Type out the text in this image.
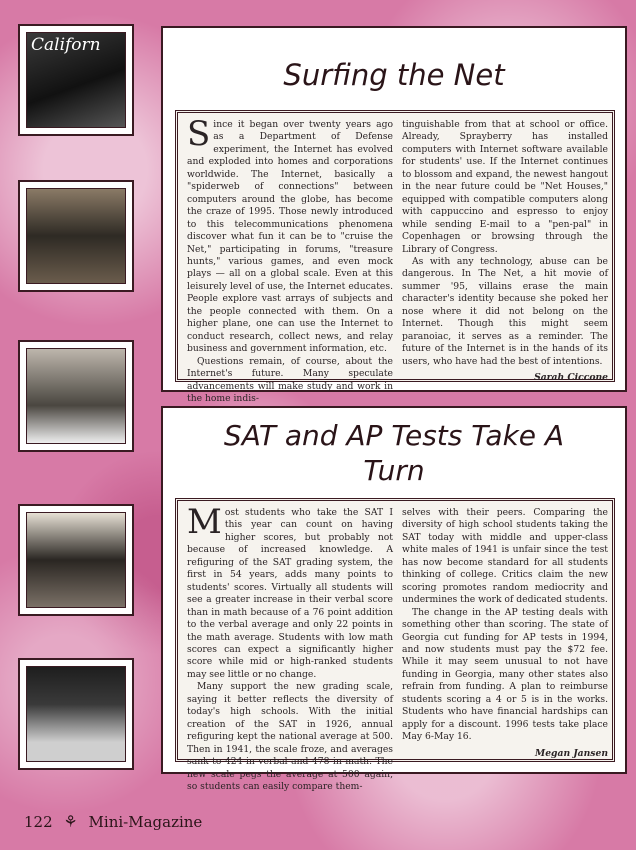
Californ
Surfing the Net

Since it began over twenty years ago as a Department of Defense experiment, the Internet has evolved and exploded into homes and corporations worldwide. The Internet, basically a "spiderweb of connections" between computers around the globe, has become the craze of 1995. Those newly introduced to this telecommunications phenomena discover what fun it can be to "cruise the Net," participating in forums, "treasure hunts," various games, and even mock plays — all on a global scale. Even at this leisurely level of use, the Internet educates. People explore vast arrays of subjects and the people connected with them. On a higher plane, one can use the Internet to conduct research, collect news, and relay business and government information, etc.

Questions remain, of course, about the Internet's future. Many speculate advancements will make study and work in the home indis-

tinguishable from that at school or office. Already, Sprayberry has installed computers with Internet software available for students' use. If the Internet continues to blossom and expand, the newest hangout in the near future could be "Net Houses," equipped with compatible computers along with cappuccino and espresso to enjoy while sending E-mail to a "pen-pal" in Copenhagen or browsing through the Library of Congress.

As with any technology, abuse can be dangerous. In The Net, a hit movie of summer '95, villains erase the main character's identity because she poked her nose where it did not belong on the Internet. Though this might seem paranoiac, it serves as a reminder. The future of the Internet is in the hands of its users, who have had the best of intentions.

Sarah Ciccone
SAT and AP Tests Take A Turn

Most students who take the SAT I this year can count on having higher scores, but probably not because of increased knowledge. A refiguring of the SAT grading system, the first in 54 years, adds many points to students' scores. Virtually all students will see a greater increase in their verbal score than in math because of a 76 point addition to the verbal average and only 22 points in the math average. Students with low math scores can expect a significantly higher score while mid or high-ranked students may see little or no change.

Many support the new grading scale, saying it better reflects the diversity of today's high schools. With the initial creation of the SAT in 1926, annual refiguring kept the national average at 500. Then in 1941, the scale froze, and averages sank to 424 in verbal and 478 in math. The new scale pegs the average at 500 again, so students can easily compare them-

selves with their peers. Comparing the diversity of high school students taking the SAT today with middle and upper-class white males of 1941 is unfair since the test has now become standard for all students thinking of college. Critics claim the new scoring promotes random mediocrity and undermines the work of dedicated students.

The change in the AP testing deals with something other than scoring. The state of Georgia cut funding for AP tests in 1994, and now students must pay the $72 fee. While it may seem unusual to not have funding in Georgia, many other states also refrain from funding. A plan to reimburse students scoring a 4 or 5 is in the works. Students who have financial hardships can apply for a discount. 1996 tests take place May 6-May 16.

Megan Jansen
122 ⚘ Mini-Magazine
